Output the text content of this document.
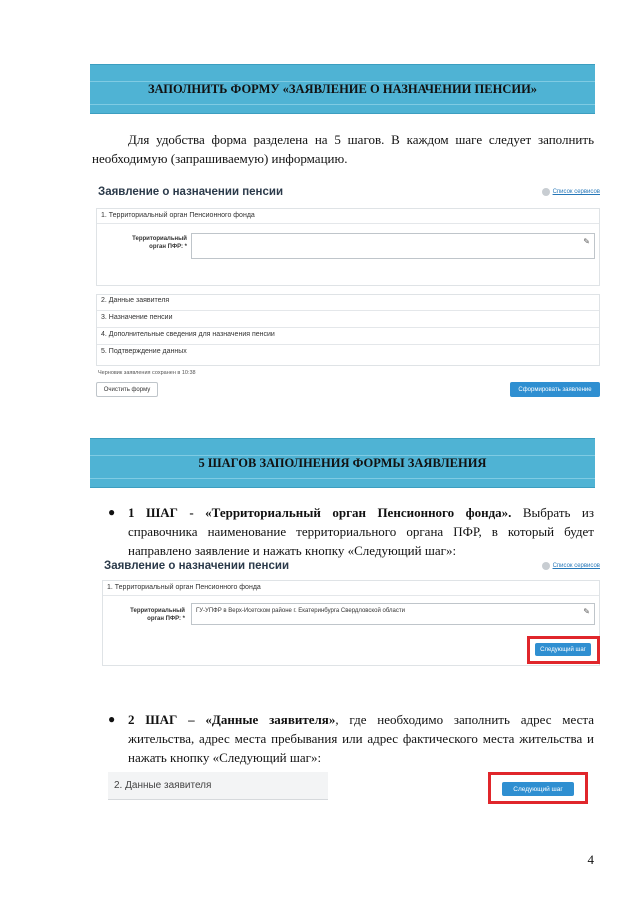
ЗАПОЛНИТЬ ФОРМУ «ЗАЯВЛЕНИЕ О НАЗНАЧЕНИИ ПЕНСИИ»
Для удобства форма разделена на 5 шагов. В каждом шаге следует заполнить необходимую (запрашиваемую) информацию.
Заявление о назначении пенсии	Список сервисов
1. Территориальный орган Пенсионного фонда
Территориальный
орган ПФР: *
✎
2. Данные заявителя
3. Назначение пенсии
4. Дополнительные сведения для назначения пенсии
5. Подтверждение данных
Черновик заявления сохранен в 10:38
Очистить форму	Сформировать заявление
5 ШАГОВ ЗАПОЛНЕНИЯ ФОРМЫ ЗАЯВЛЕНИЯ
● 1 ШАГ - «Территориальный орган Пенсионного фонда». Выбрать из справочника наименование территориального органа ПФР, в который будет направлено заявление и нажать кнопку «Следующий шаг»:
Заявление о назначении пенсии	Список сервисов
1. Территориальный орган Пенсионного фонда
Территориальный
орган ПФР: *
ГУ-УПФР в Верх-Исетском районе г. Екатеринбурга Свердловской области	✎
Следующий шаг
● 2 ШАГ – «Данные заявителя», где необходимо заполнить адрес места жительства, адрес места пребывания или адрес фактического места жительства и нажать кнопку «Следующий шаг»:
2. Данные заявителя	Следующий шаг
4
